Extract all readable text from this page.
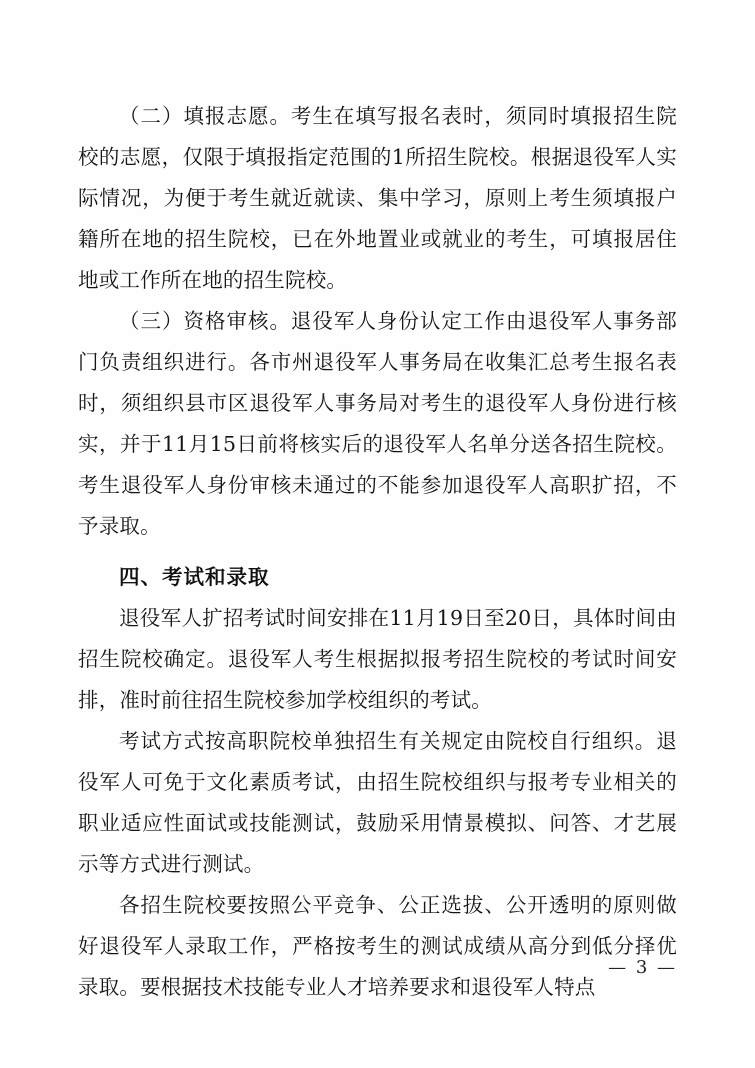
（二）填报志愿。考生在填写报名表时，须同时填报招生院校的志愿，仅限于填报指定范围的1所招生院校。根据退役军人实际情况，为便于考生就近就读、集中学习，原则上考生须填报户籍所在地的招生院校，已在外地置业或就业的考生，可填报居住地或工作所在地的招生院校。

（三）资格审核。退役军人身份认定工作由退役军人事务部门负责组织进行。各市州退役军人事务局在收集汇总考生报名表时，须组织县市区退役军人事务局对考生的退役军人身份进行核实，并于11月15日前将核实后的退役军人名单分送各招生院校。考生退役军人身份审核未通过的不能参加退役军人高职扩招，不予录取。

四、考试和录取

退役军人扩招考试时间安排在11月19日至20日，具体时间由招生院校确定。退役军人考生根据拟报考招生院校的考试时间安排，准时前往招生院校参加学校组织的考试。

考试方式按高职院校单独招生有关规定由院校自行组织。退役军人可免于文化素质考试，由招生院校组织与报考专业相关的职业适应性面试或技能测试，鼓励采用情景模拟、问答、才艺展示等方式进行测试。

各招生院校要按照公平竞争、公正选拔、公开透明的原则做好退役军人录取工作，严格按考生的测试成绩从高分到低分择优录取。要根据技术技能专业人才培养要求和退役军人特点

— 3 —
